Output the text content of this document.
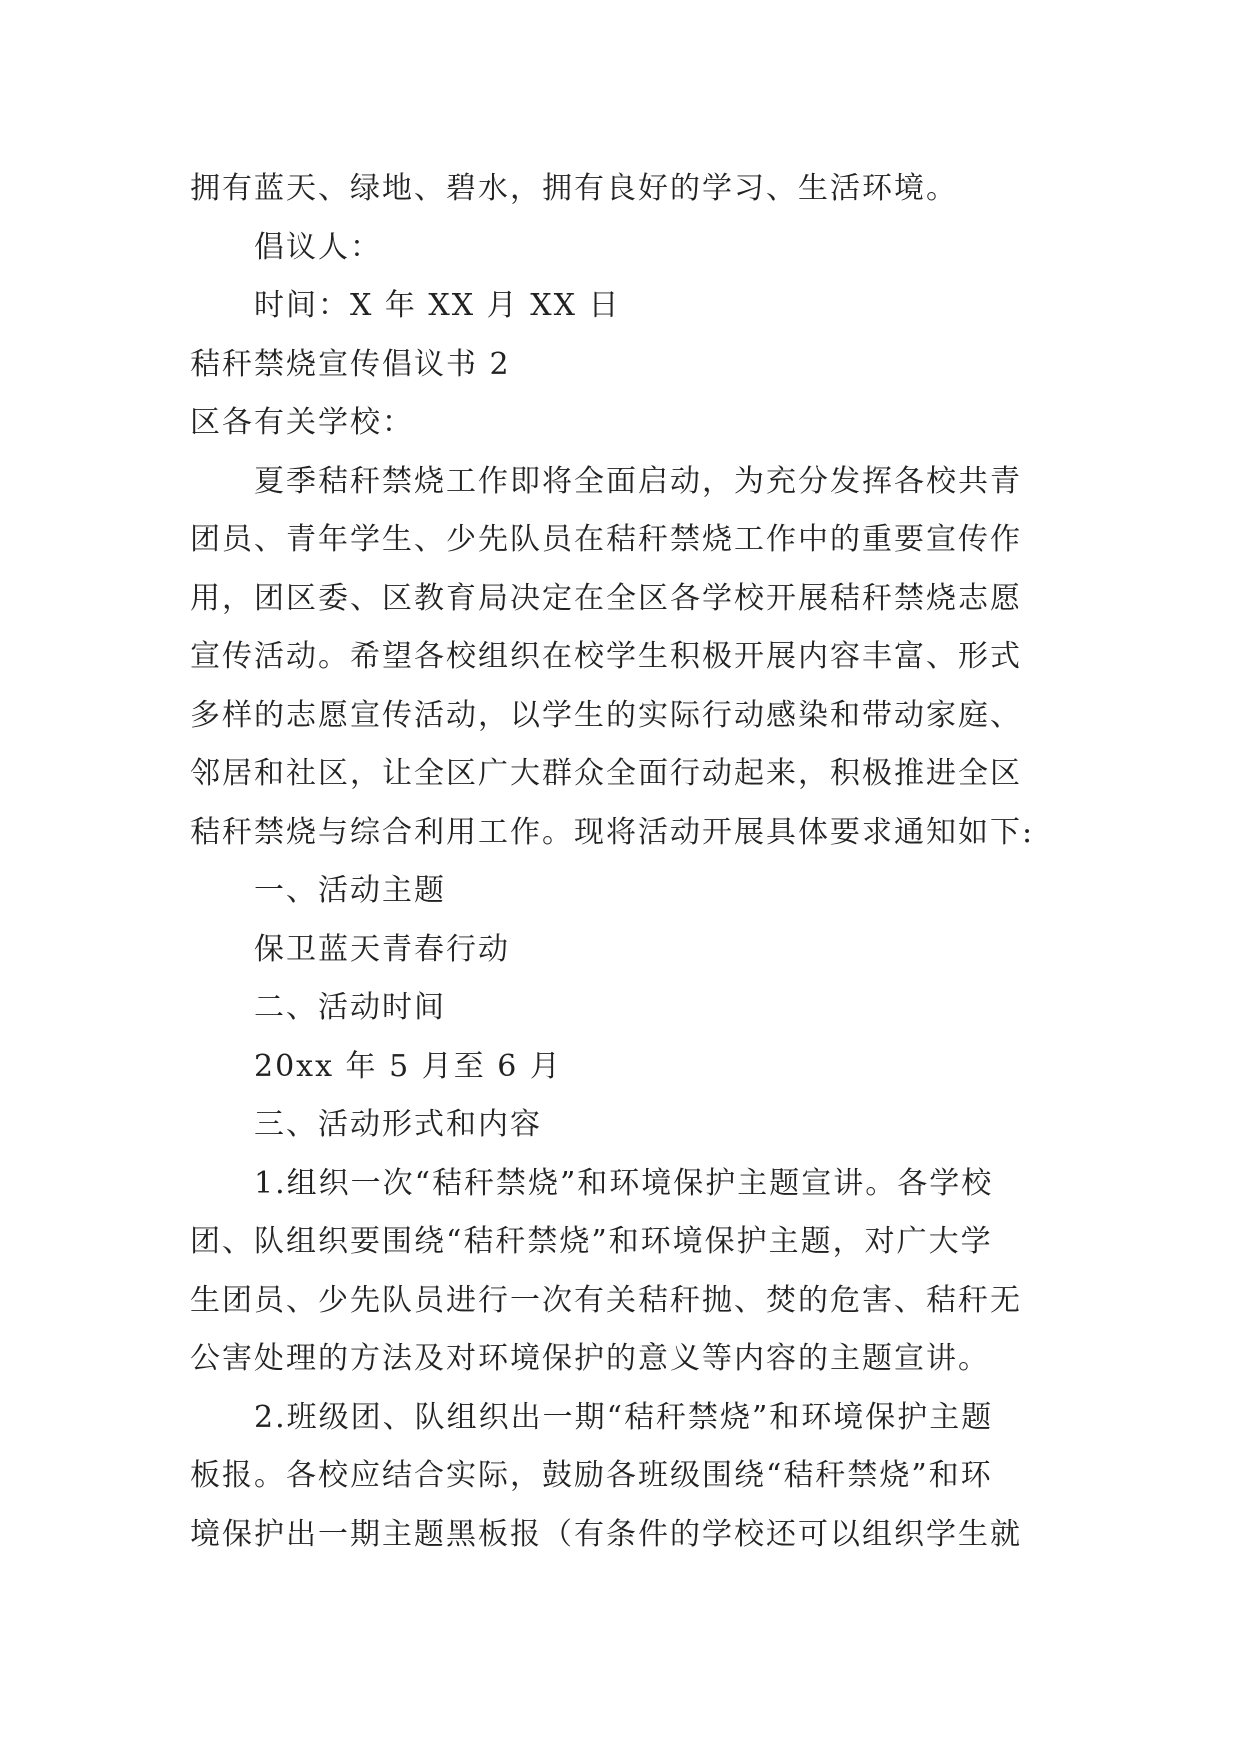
拥有蓝天、绿地、碧水，拥有良好的学习、生活环境。
倡议人：
时间：X 年 XX 月 XX 日
秸秆禁烧宣传倡议书 2
区各有关学校：
夏季秸秆禁烧工作即将全面启动，为充分发挥各校共青
团员、青年学生、少先队员在秸秆禁烧工作中的重要宣传作
用，团区委、区教育局决定在全区各学校开展秸秆禁烧志愿
宣传活动。希望各校组织在校学生积极开展内容丰富、形式
多样的志愿宣传活动，以学生的实际行动感染和带动家庭、
邻居和社区，让全区广大群众全面行动起来，积极推进全区
秸秆禁烧与综合利用工作。现将活动开展具体要求通知如下:
一、活动主题
保卫蓝天青春行动
二、活动时间
20xx 年 5 月至 6 月
三、活动形式和内容
1.组织一次“秸秆禁烧”和环境保护主题宣讲。各学校
团、队组织要围绕“秸秆禁烧”和环境保护主题，对广大学
生团员、少先队员进行一次有关秸秆抛、焚的危害、秸秆无
公害处理的方法及对环境保护的意义等内容的主题宣讲。
2.班级团、队组织出一期“秸秆禁烧”和环境保护主题
板报。各校应结合实际，鼓励各班级围绕“秸秆禁烧”和环
境保护出一期主题黑板报（有条件的学校还可以组织学生就
